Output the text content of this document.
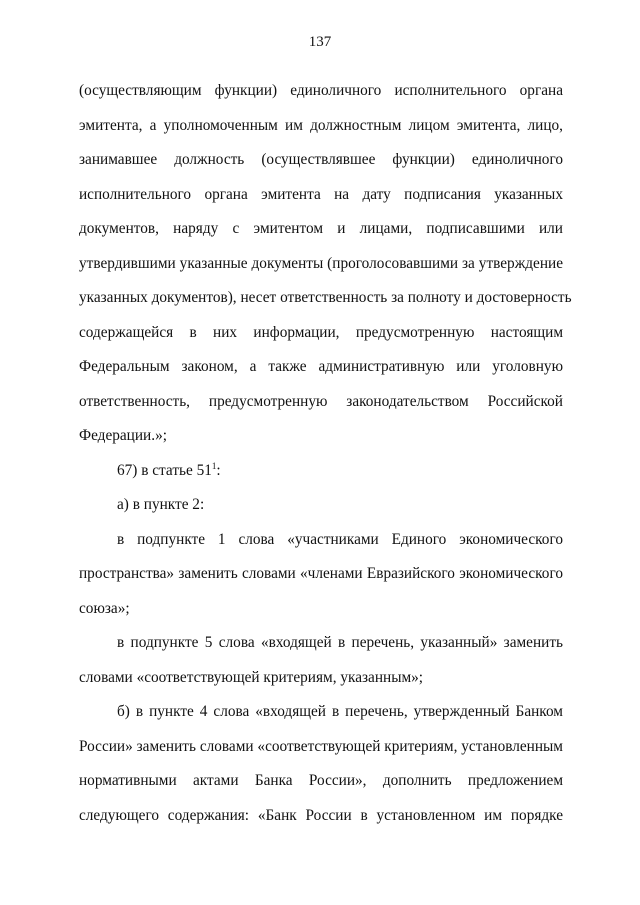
137
(осуществляющим функции) единоличного исполнительного органа
эмитента, а уполномоченным им должностным лицом эмитента, лицо,
занимавшее должность (осуществлявшее функции) единоличного
исполнительного органа эмитента на дату подписания указанных
документов, наряду с эмитентом и лицами, подписавшими или
утвердившими указанные документы (проголосовавшими за утверждение
указанных документов), несет ответственность за полноту и достоверность
содержащейся в них информации, предусмотренную настоящим
Федеральным законом, а также административную или уголовную
ответственность, предусмотренную законодательством Российской
Федерации.»;
67) в статье $51^1$:
а) в пункте 2:
в подпункте 1 слова «участниками Единого экономического
пространства» заменить словами «членами Евразийского экономического
союза»;
в подпункте 5 слова «входящей в перечень, указанный» заменить
словами «соответствующей критериям, указанным»;
б) в пункте 4 слова «входящей в перечень, утвержденный Банком
России» заменить словами «соответствующей критериям, установленным
нормативными актами Банка России», дополнить предложением
следующего содержания: «Банк России в установленном им порядке
